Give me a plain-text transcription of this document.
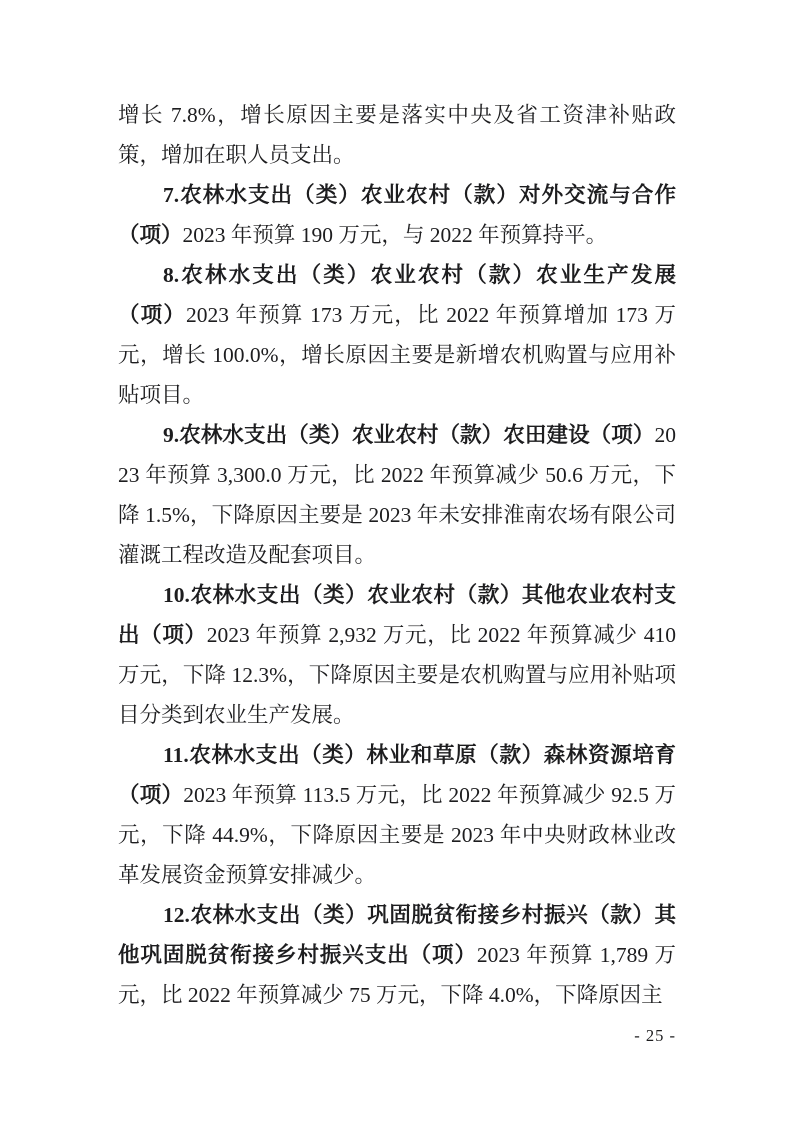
增长 7.8%，增长原因主要是落实中央及省工资津补贴政策，增加在职人员支出。

7.农林水支出（类）农业农村（款）对外交流与合作（项）2023 年预算 190 万元，与 2022 年预算持平。

8.农林水支出（类）农业农村（款）农业生产发展（项）2023 年预算 173 万元，比 2022 年预算增加 173 万元，增长 100.0%，增长原因主要是新增农机购置与应用补贴项目。

9.农林水支出（类）农业农村（款）农田建设（项）2023 年预算 3,300.0 万元，比 2022 年预算减少 50.6 万元，下降 1.5%，下降原因主要是 2023 年未安排淮南农场有限公司灌溉工程改造及配套项目。

10.农林水支出（类）农业农村（款）其他农业农村支出（项）2023 年预算 2,932 万元，比 2022 年预算减少 410 万元，下降 12.3%，下降原因主要是农机购置与应用补贴项目分类到农业生产发展。

11.农林水支出（类）林业和草原（款）森林资源培育（项）2023 年预算 113.5 万元，比 2022 年预算减少 92.5 万元，下降 44.9%，下降原因主要是 2023 年中央财政林业改革发展资金预算安排减少。

12.农林水支出（类）巩固脱贫衔接乡村振兴（款）其他巩固脱贫衔接乡村振兴支出（项）2023 年预算 1,789 万元，比 2022 年预算减少 75 万元，下降 4.0%，下降原因主

- 25 -
